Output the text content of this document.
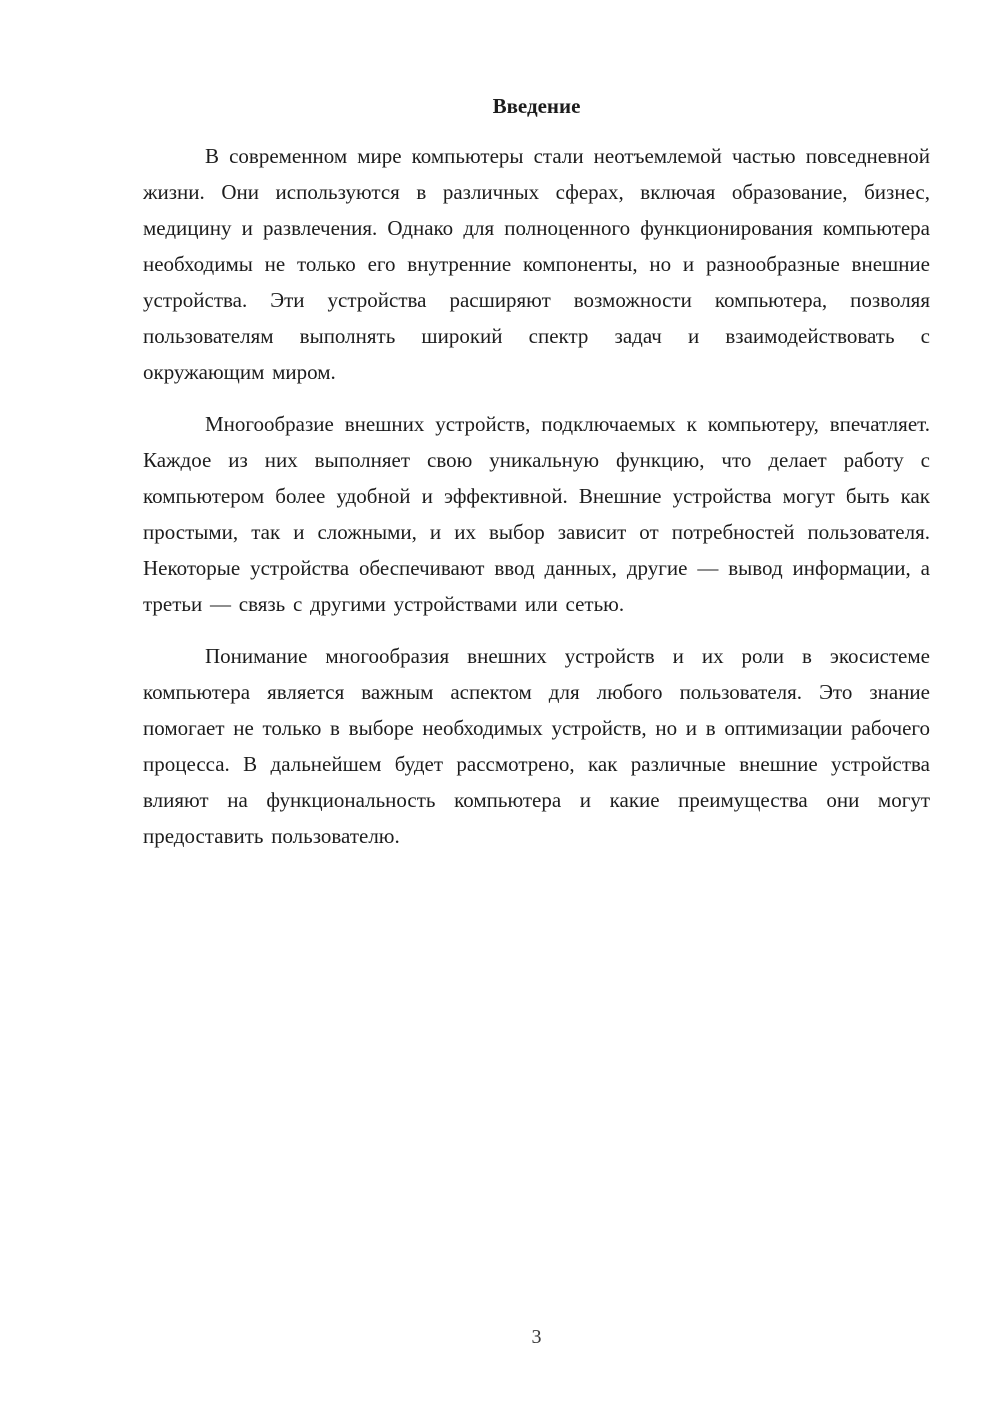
Введение

В современном мире компьютеры стали неотъемлемой частью повседневной жизни. Они используются в различных сферах, включая образование, бизнес, медицину и развлечения. Однако для полноценного функционирования компьютера необходимы не только его внутренние компоненты, но и разнообразные внешние устройства. Эти устройства расширяют возможности компьютера, позволяя пользователям выполнять широкий спектр задач и взаимодействовать с окружающим миром.

Многообразие внешних устройств, подключаемых к компьютеру, впечатляет. Каждое из них выполняет свою уникальную функцию, что делает работу с компьютером более удобной и эффективной. Внешние устройства могут быть как простыми, так и сложными, и их выбор зависит от потребностей пользователя. Некоторые устройства обеспечивают ввод данных, другие — вывод информации, а третьи — связь с другими устройствами или сетью.

Понимание многообразия внешних устройств и их роли в экосистеме компьютера является важным аспектом для любого пользователя. Это знание помогает не только в выборе необходимых устройств, но и в оптимизации рабочего процесса. В дальнейшем будет рассмотрено, как различные внешние устройства влияют на функциональность компьютера и какие преимущества они могут предоставить пользователю.

3
